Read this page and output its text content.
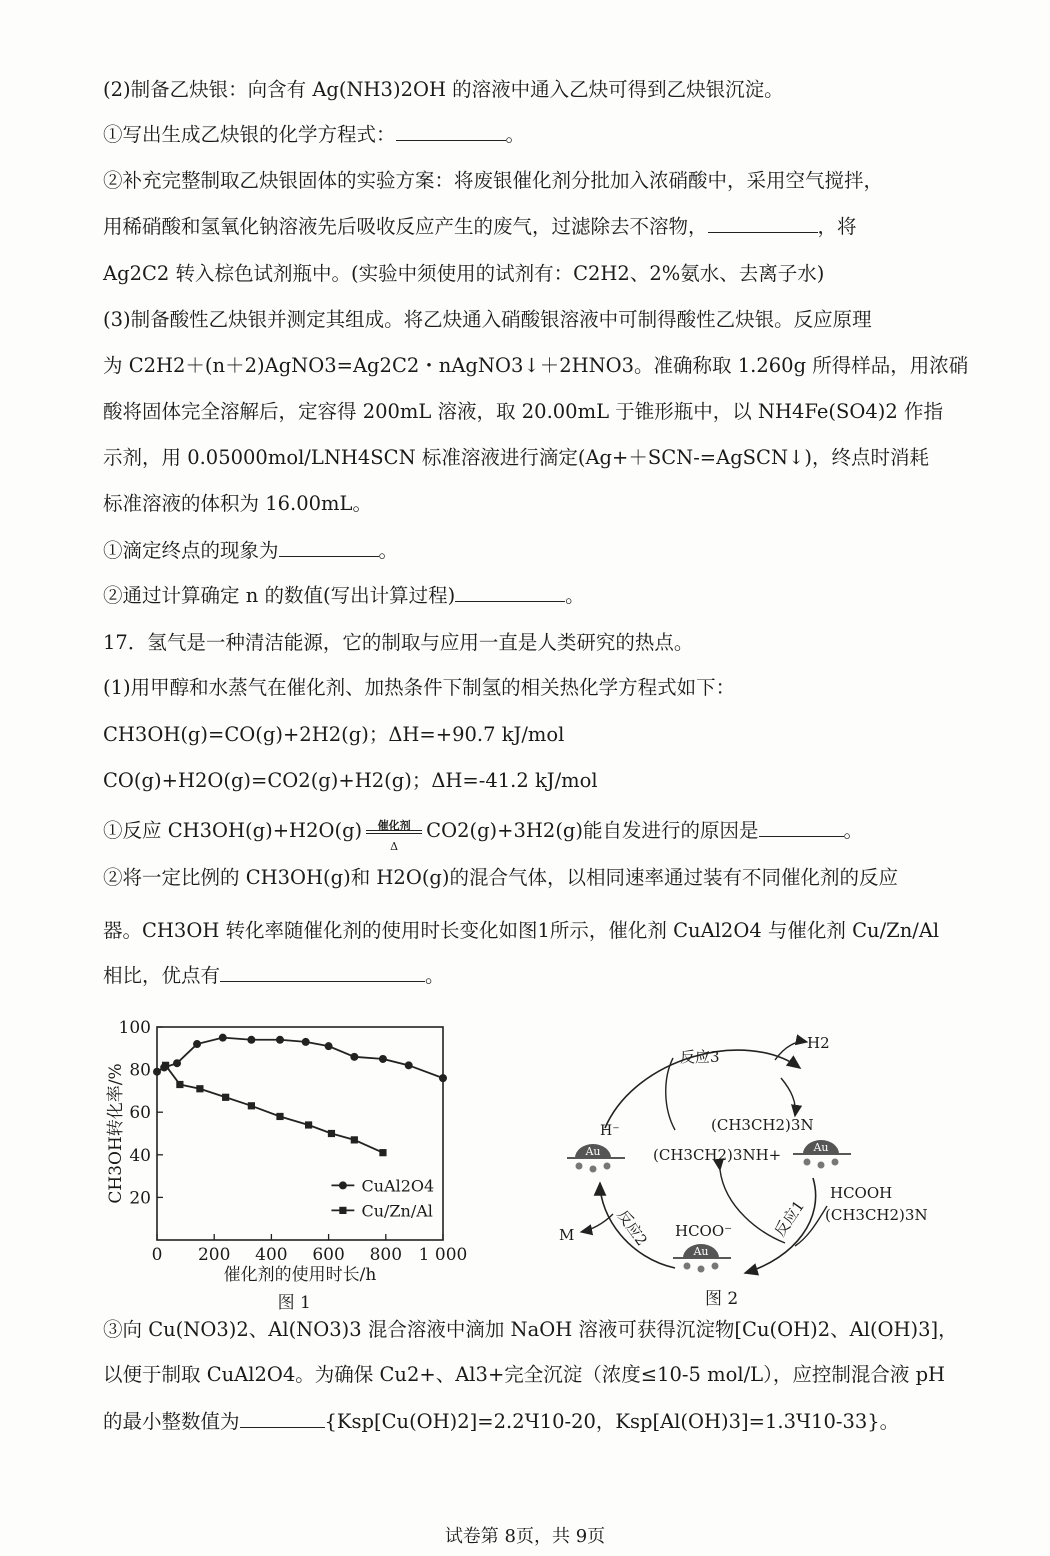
(2)制备乙炔银：向含有 Ag(NH3)2OH 的溶液中通入乙炔可得到乙炔银沉淀。
①写出生成乙炔银的化学方程式：	。
②补充完整制取乙炔银固体的实验方案：将废银催化剂分批加入浓硝酸中，采用空气搅拌，
用稀硝酸和氢氧化钠溶液先后吸收反应产生的废气，过滤除去不溶物，	，将
Ag2C2 转入棕色试剂瓶中。(实验中须使用的试剂有：C2H2、2%氨水、去离子水)
(3)制备酸性乙炔银并测定其组成。将乙炔通入硝酸银溶液中可制得酸性乙炔银。反应原理
为 C2H2＋(n＋2)AgNO3=Ag2C2・nAgNO3↓＋2HNO3。准确称取 1.260g 所得样品，用浓硝
酸将固体完全溶解后，定容得 200mL 溶液，取 20.00mL 于锥形瓶中，以 NH4Fe(SO4)2 作指
示剂，用 0.05000mol/LNH4SCN 标准溶液进行滴定(Ag+＋SCN-=AgSCN↓)，终点时消耗
标准溶液的体积为 16.00mL。
①滴定终点的现象为	。
②通过计算确定 n 的数值(写出计算过程)	。
17．氢气是一种清洁能源，它的制取与应用一直是人类研究的热点。
(1)用甲醇和水蒸气在催化剂、加热条件下制氢的相关热化学方程式如下：
CH3OH(g)=CO(g)+2H2(g)；ΔH=+90.7 kJ/mol
CO(g)+H2O(g)=CO2(g)+H2(g)；ΔH=-41.2 kJ/mol
①反应 CH3OH(g)+H2O(g)	催化剂
Δ
CO2(g)+3H2(g)能自发进行的原因是	。
②将一定比例的 CH3OH(g)和 H2O(g)的混合气体，以相同速率通过装有不同催化剂的反应
器。CH3OH 转化率随催化剂的使用时长变化如图1所示，催化剂 CuAl2O4 与催化剂 Cu/Zn/Al
相比，优点有	。
③向 Cu(NO3)2、Al(NO3)3 混合溶液中滴加 NaOH 溶液可获得沉淀物[Cu(OH)2、Al(OH)3]，
以便于制取 CuAl2O4。为确保 Cu2+、Al3+完全沉淀（浓度≤10-5 mol/L），应控制混合液 pH
的最小整数值为	{Ksp[Cu(OH)2]=2.2Ч10-20，Ksp[Al(OH)3]=1.3Ч10-33}。
20
40
60
80
100
0 200 400 600 800 1 000
催化剂的使用时长/h
CH3OH转化率/%	CuAl2O4
Cu/Zn/Al
图 1
Au	Au
Au
H2
反应3
H⁻	(CH3CH2)3N
(CH3CH2)3NH+
HCOOH
(CH3CH2)3N
反应1
反应2
M	HCOO⁻
图 2
试卷第 8页，共 9页
